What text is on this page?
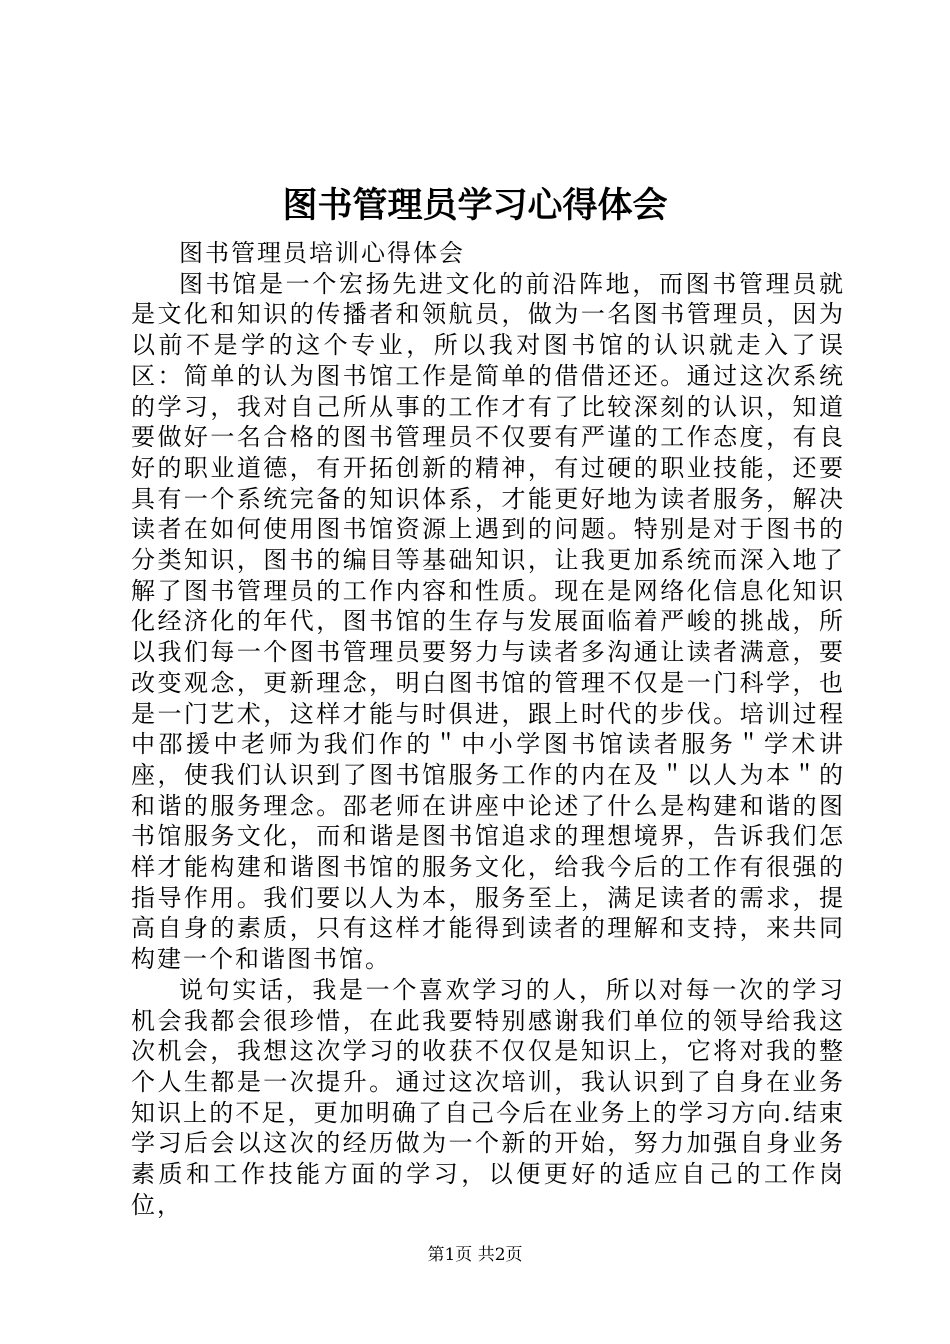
图书管理员学习心得体会

图书管理员培训心得体会

图书馆是一个宏扬先进文化的前沿阵地，而图书管理员就是文化和知识的传播者和领航员，做为一名图书管理员，因为以前不是学的这个专业，所以我对图书馆的认识就走入了误区：简单的认为图书馆工作是简单的借借还还。通过这次系统的学习，我对自己所从事的工作才有了比较深刻的认识，知道要做好一名合格的图书管理员不仅要有严谨的工作态度，有良好的职业道德，有开拓创新的精神，有过硬的职业技能，还要具有一个系统完备的知识体系，才能更好地为读者服务，解决读者在如何使用图书馆资源上遇到的问题。特别是对于图书的分类知识，图书的编目等基础知识，让我更加系统而深入地了解了图书管理员的工作内容和性质。现在是网络化信息化知识化经济化的年代，图书馆的生存与发展面临着严峻的挑战，所以我们每一个图书管理员要努力与读者多沟通让读者满意，要改变观念，更新理念，明白图书馆的管理不仅是一门科学，也是一门艺术，这样才能与时俱进，跟上时代的步伐。培训过程中邵援中老师为我们作的＂中小学图书馆读者服务＂学术讲座，使我们认识到了图书馆服务工作的内在及＂以人为本＂的和谐的服务理念。邵老师在讲座中论述了什么是构建和谐的图书馆服务文化，而和谐是图书馆追求的理想境界，告诉我们怎样才能构建和谐图书馆的服务文化，给我今后的工作有很强的指导作用。我们要以人为本，服务至上，满足读者的需求，提高自身的素质，只有这样才能得到读者的理解和支持，来共同构建一个和谐图书馆。

说句实话，我是一个喜欢学习的人，所以对每一次的学习机会我都会很珍惜，在此我要特别感谢我们单位的领导给我这次机会，我想这次学习的收获不仅仅是知识上，它将对我的整个人生都是一次提升。通过这次培训，我认识到了自身在业务知识上的不足，更加明确了自己今后在业务上的学习方向.结束学习后会以这次的经历做为一个新的开始，努力加强自身业务素质和工作技能方面的学习，以便更好的适应自己的工作岗位，

第1页 共2页
